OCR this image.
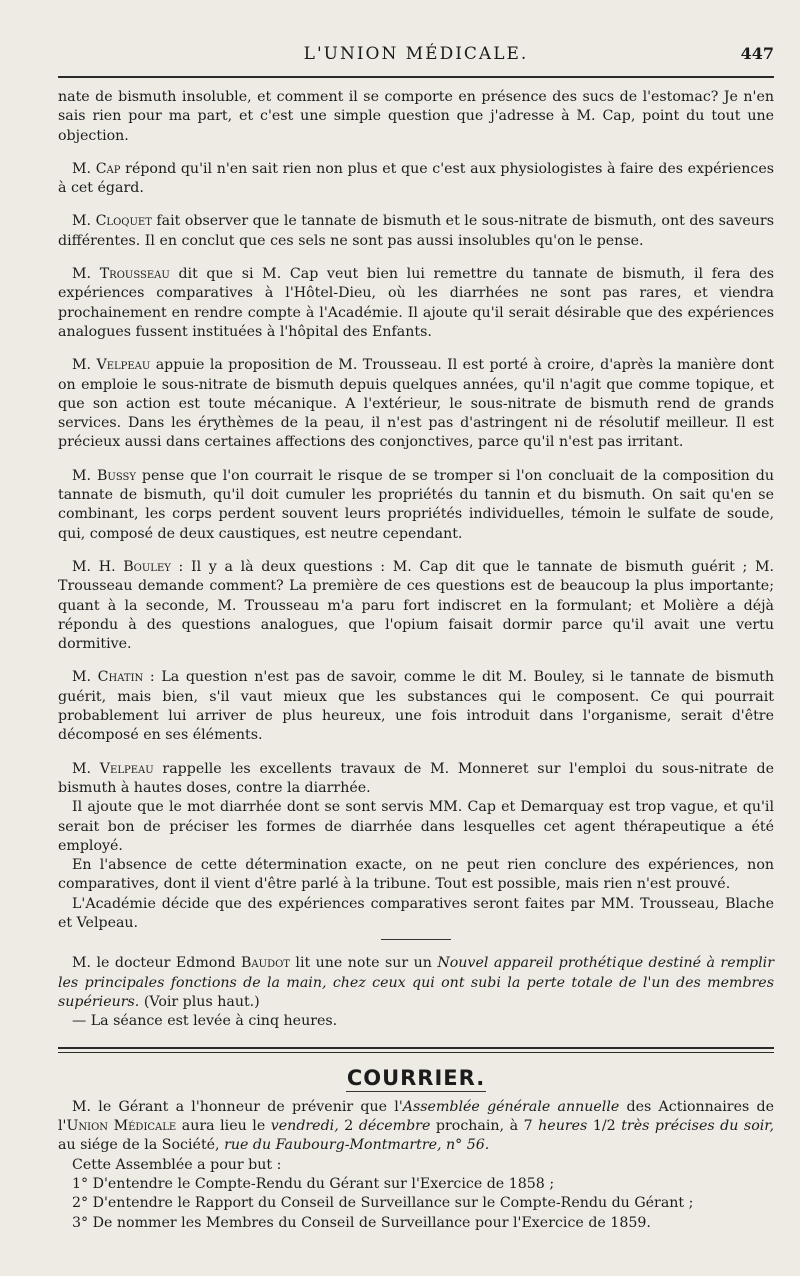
L'UNION MÉDICALE.	447

nate de bismuth insoluble, et comment il se comporte en présence des sucs de l'estomac? Je n'en sais rien pour ma part, et c'est une simple question que j'adresse à M. Cap, point du tout une objection.

M. Cap répond qu'il n'en sait rien non plus et que c'est aux physiologistes à faire des expériences à cet égard.

M. Cloquet fait observer que le tannate de bismuth et le sous-nitrate de bismuth, ont des saveurs différentes. Il en conclut que ces sels ne sont pas aussi insolubles qu'on le pense.

M. Trousseau dit que si M. Cap veut bien lui remettre du tannate de bismuth, il fera des expériences comparatives à l'Hôtel-Dieu, où les diarrhées ne sont pas rares, et viendra prochainement en rendre compte à l'Académie. Il ajoute qu'il serait désirable que des expériences analogues fussent instituées à l'hôpital des Enfants.

M. Velpeau appuie la proposition de M. Trousseau. Il est porté à croire, d'après la manière dont on emploie le sous-nitrate de bismuth depuis quelques années, qu'il n'agit que comme topique, et que son action est toute mécanique. A l'extérieur, le sous-nitrate de bismuth rend de grands services. Dans les érythèmes de la peau, il n'est pas d'astringent ni de résolutif meilleur. Il est précieux aussi dans certaines affections des conjonctives, parce qu'il n'est pas irritant.

M. Bussy pense que l'on courrait le risque de se tromper si l'on concluait de la composition du tannate de bismuth, qu'il doit cumuler les propriétés du tannin et du bismuth. On sait qu'en se combinant, les corps perdent souvent leurs propriétés individuelles, témoin le sulfate de soude, qui, composé de deux caustiques, est neutre cependant.

M. H. Bouley : Il y a là deux questions : M. Cap dit que le tannate de bismuth guérit ; M. Trousseau demande comment? La première de ces questions est de beaucoup la plus importante; quant à la seconde, M. Trousseau m'a paru fort indiscret en la formulant; et Molière a déjà répondu à des questions analogues, que l'opium faisait dormir parce qu'il avait une vertu dormitive.

M. Chatin : La question n'est pas de savoir, comme le dit M. Bouley, si le tannate de bismuth guérit, mais bien, s'il vaut mieux que les substances qui le composent. Ce qui pourrait probablement lui arriver de plus heureux, une fois introduit dans l'organisme, serait d'être décomposé en ses éléments.

M. Velpeau rappelle les excellents travaux de M. Monneret sur l'emploi du sous-nitrate de bismuth à hautes doses, contre la diarrhée.

Il ajoute que le mot diarrhée dont se sont servis MM. Cap et Demarquay est trop vague, et qu'il serait bon de préciser les formes de diarrhée dans lesquelles cet agent thérapeutique a été employé.

En l'absence de cette détermination exacte, on ne peut rien conclure des expériences, non comparatives, dont il vient d'être parlé à la tribune. Tout est possible, mais rien n'est prouvé.

L'Académie décide que des expériences comparatives seront faites par MM. Trousseau, Blache et Velpeau.

M. le docteur Edmond Baudot lit une note sur un Nouvel appareil prothétique destiné à remplir les principales fonctions de la main, chez ceux qui ont subi la perte totale de l'un des membres supérieurs. (Voir plus haut.)

— La séance est levée à cinq heures.

COURRIER.

M. le Gérant a l'honneur de prévenir que l'Assemblée générale annuelle des Actionnaires de l'Union Médicale aura lieu le vendredi, 2 décembre prochain, à 7 heures 1/2 très précises du soir, au siége de la Société, rue du Faubourg-Montmartre, n° 56.

Cette Assemblée a pour but :

1° D'entendre le Compte-Rendu du Gérant sur l'Exercice de 1858 ;

2° D'entendre le Rapport du Conseil de Surveillance sur le Compte-Rendu du Gérant ;

3° De nommer les Membres du Conseil de Surveillance pour l'Exercice de 1859.
